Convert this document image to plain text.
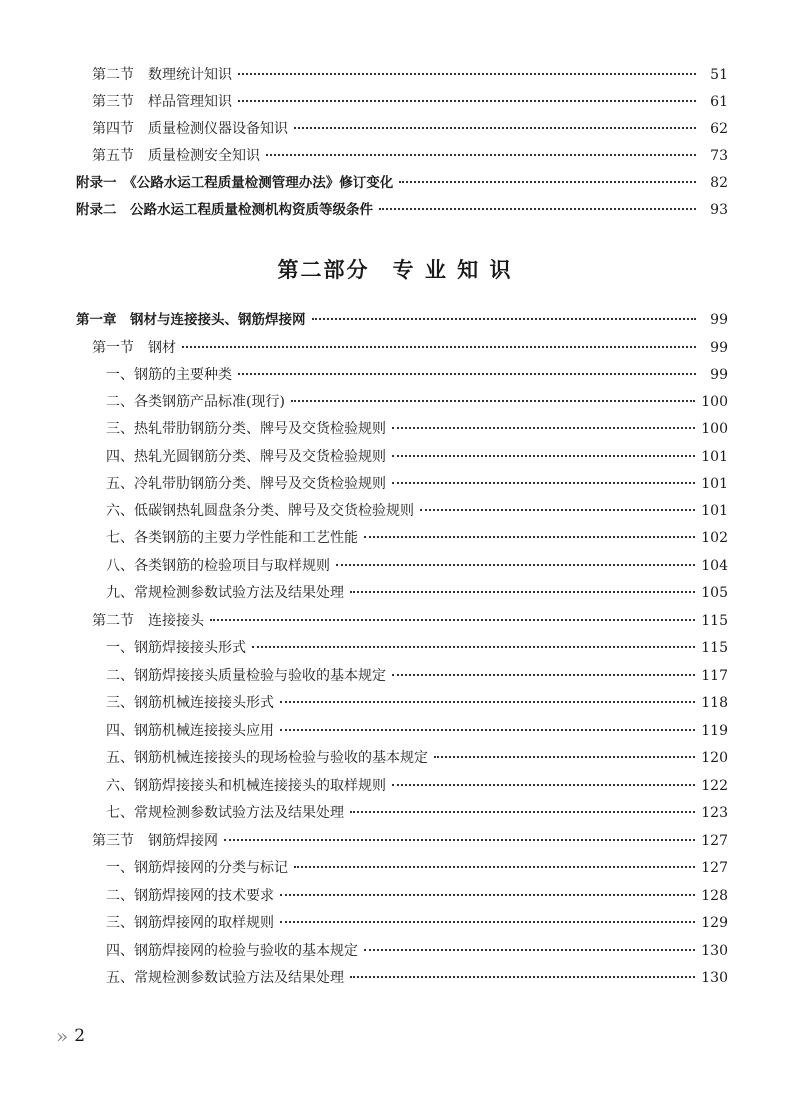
第二节　数理统计知识	51
第三节　样品管理知识	61
第四节　质量检测仪器设备知识	62
第五节　质量检测安全知识	73
附录一　《公路水运工程质量检测管理办法》修订变化	82
附录二　公路水运工程质量检测机构资质等级条件	93
第二部分　专 业 知 识
第一章　钢材与连接接头、钢筋焊接网	99
第一节　钢材	99
一、钢筋的主要种类	99
二、各类钢筋产品标准(现行)	100
三、热轧带肋钢筋分类、牌号及交货检验规则	100
四、热轧光圆钢筋分类、牌号及交货检验规则	101
五、冷轧带肋钢筋分类、牌号及交货检验规则	101
六、低碳钢热轧圆盘条分类、牌号及交货检验规则	101
七、各类钢筋的主要力学性能和工艺性能	102
八、各类钢筋的检验项目与取样规则	104
九、常规检测参数试验方法及结果处理	105
第二节　连接接头	115
一、钢筋焊接接头形式	115
二、钢筋焊接接头质量检验与验收的基本规定	117
三、钢筋机械连接接头形式	118
四、钢筋机械连接接头应用	119
五、钢筋机械连接接头的现场检验与验收的基本规定	120
六、钢筋焊接接头和机械连接接头的取样规则	122
七、常规检测参数试验方法及结果处理	123
第三节　钢筋焊接网	127
一、钢筋焊接网的分类与标记	127
二、钢筋焊接网的技术要求	128
三、钢筋焊接网的取样规则	129
四、钢筋焊接网的检验与验收的基本规定	130
五、常规检测参数试验方法及结果处理	130
» 2
